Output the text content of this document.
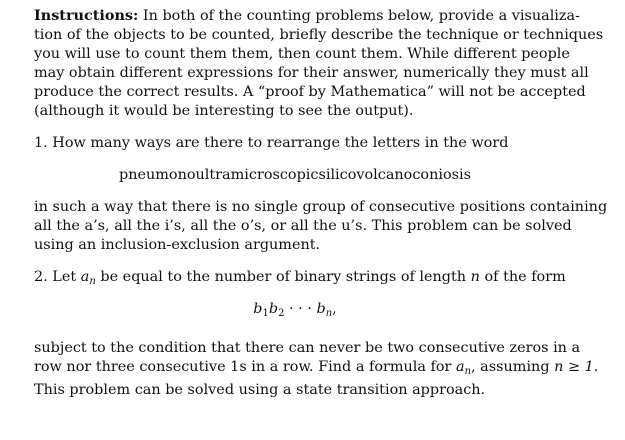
Instructions: In both of the counting problems below, provide a visualiza-
tion of the objects to be counted, briefly describe the technique or techniques
you will use to count them them, then count them. While different people
may obtain different expressions for their answer, numerically they must all
produce the correct results. A “proof by Mathematica” will not be accepted
(although it would be interesting to see the output).

1. How many ways are there to rearrange the letters in the word

pneumonoultramicroscopicsilicovolcanoconiosis

in such a way that there is no single group of consecutive positions containing
all the a’s, all the i’s, all the o’s, or all the u’s. This problem can be solved
using an inclusion-exclusion argument.

2. Let $a_n$ be equal to the number of binary strings of length n of the form

$b_1b_2$ · · · $b_n$,

subject to the condition that there can never be two consecutive zeros in a
row nor three consecutive 1s in a row. Find a formula for $a_n$, assuming n ≥ 1.
This problem can be solved using a state transition approach.
